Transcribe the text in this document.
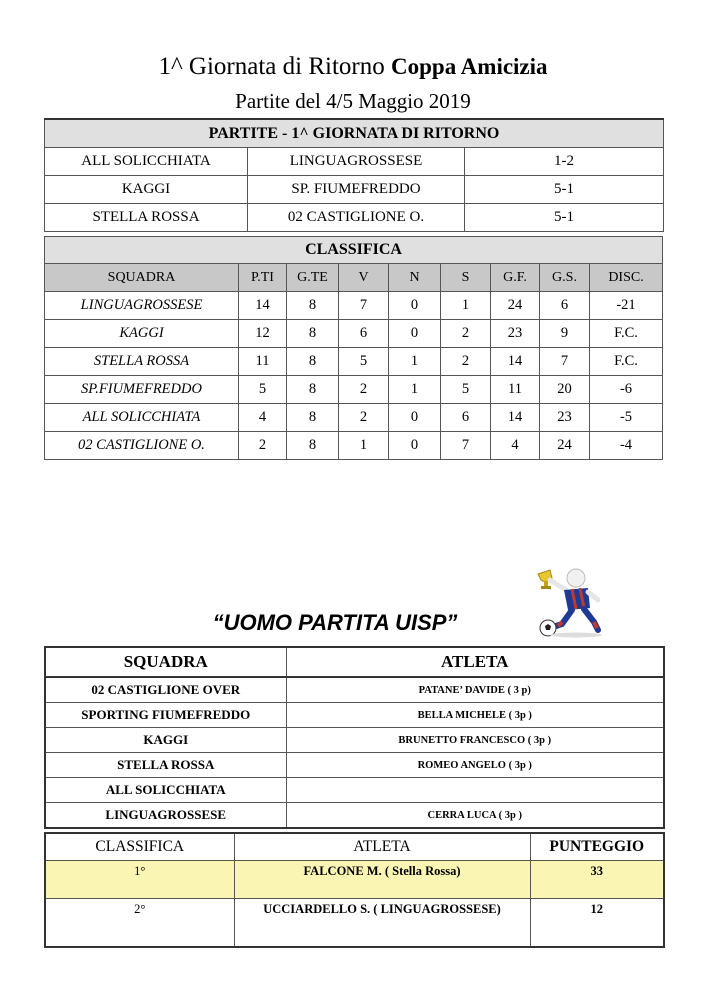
1^ Giornata di Ritorno Coppa Amicizia
Partite del 4/5 Maggio 2019
PARTITE - 1^ GIORNATA DI RITORNO		
ALL SOLICCHIATA	LINGUAGROSSESE	1-2
KAGGI	SP. FIUMEFREDDO	5-1
STELLA ROSSA	02 CASTIGLIONE O.	5-1
CLASSIFICA								
SQUADRA	P.TI	G.TE	V	N	S	G.F.	G.S.	DISC.
LINGUAGROSSESE	14	8	7	0	1	24	6	-21
KAGGI	12	8	6	0	2	23	9	F.C.
STELLA ROSSA	11	8	5	1	2	14	7	F.C.
SP.FIUMEFREDDO	5	8	2	1	5	11	20	-6
ALL SOLICCHIATA	4	8	2	0	6	14	23	-5
02 CASTIGLIONE O.	2	8	1	0	7	4	24	-4
“UOMO PARTITA UISP”
SQUADRA	ATLETA
02 CASTIGLIONE OVER	PATANE’ DAVIDE ( 3 p)
SPORTING FIUMEFREDDO	BELLA MICHELE ( 3p )
KAGGI	BRUNETTO FRANCESCO ( 3p )
STELLA ROSSA	ROMEO ANGELO ( 3p )
ALL SOLICCHIATA	
LINGUAGROSSESE	CERRA LUCA ( 3p )
CLASSIFICA	ATLETA	PUNTEGGIO
1°	FALCONE M. ( Stella Rossa)	33
2°	UCCIARDELLO S. ( LINGUAGROSSESE)	12
